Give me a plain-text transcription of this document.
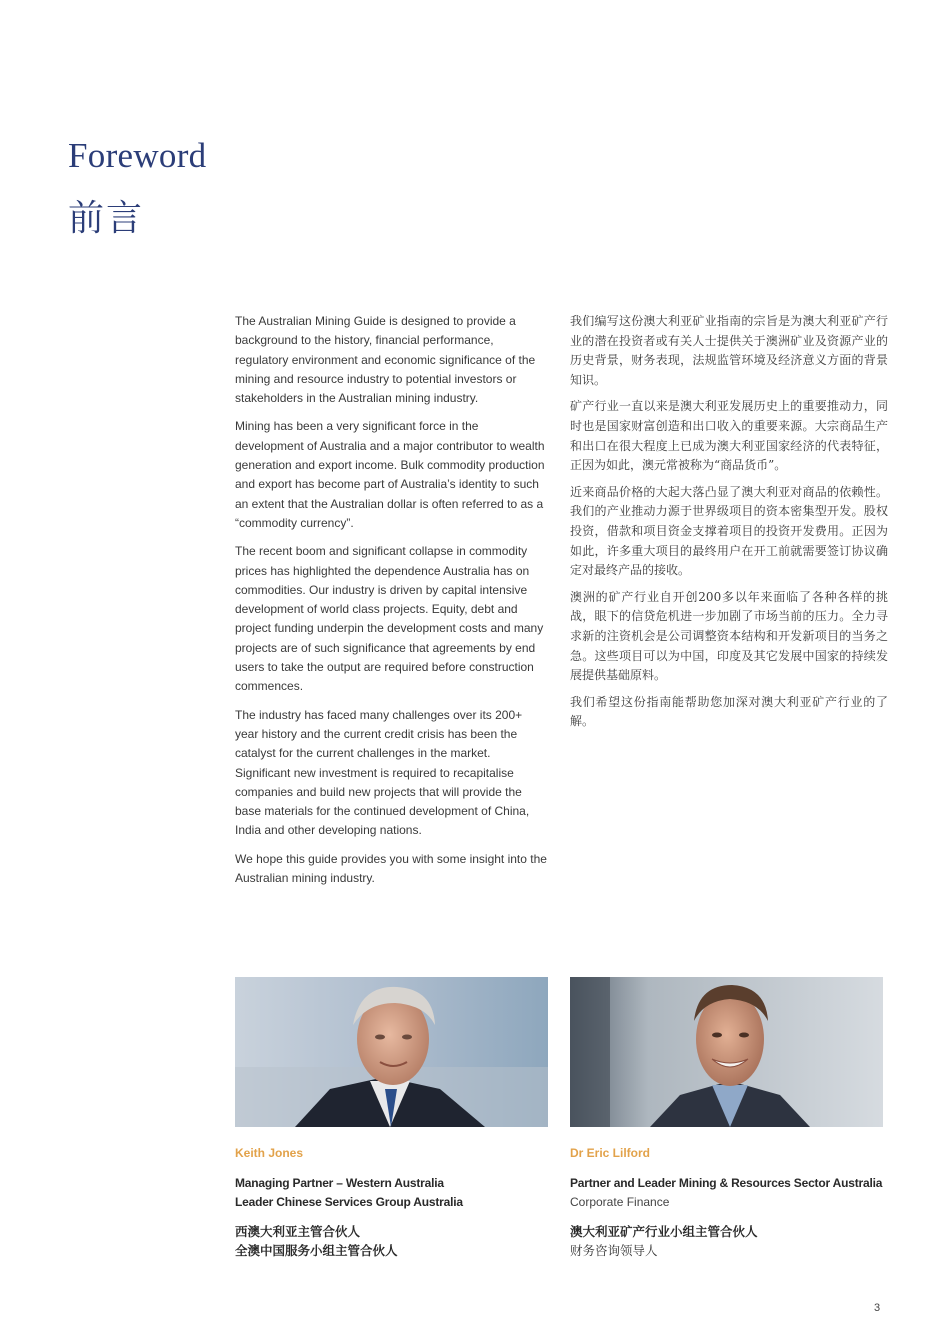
Foreword
前言

The Australian Mining Guide is designed to provide a background to the history, financial performance, regulatory environment and economic significance of the mining and resource industry to potential investors or stakeholders in the Australian mining industry.

Mining has been a very significant force in the development of Australia and a major contributor to wealth generation and export income. Bulk commodity production and export has become part of Australia’s identity to such an extent that the Australian dollar is often referred to as a “commodity currency”.

The recent boom and significant collapse in commodity prices has highlighted the dependence Australia has on commodities. Our industry is driven by capital intensive development of world class projects. Equity, debt and project funding underpin the development costs and many projects are of such significance that agreements by end users to take the output are required before construction commences.

The industry has faced many challenges over its 200+ year history and the current credit crisis has been the catalyst for the current challenges in the market. Significant new investment is required to recapitalise companies and build new projects that will provide the base materials for the continued development of China, India and other developing nations.

We hope this guide provides you with some insight into the Australian mining industry.

我们编写这份澳大利亚矿业指南的宗旨是为澳大利亚矿产行业的潜在投资者或有关人士提供关于澳洲矿业及资源产业的历史背景，财务表现，法规监管环境及经济意义方面的背景知识。

矿产行业一直以来是澳大利亚发展历史上的重要推动力，同时也是国家财富创造和出口收入的重要来源。大宗商品生产和出口在很大程度上已成为澳大利亚国家经济的代表特征，正因为如此，澳元常被称为“商品货币”。

近来商品价格的大起大落凸显了澳大利亚对商品的依赖性。我们的产业推动力源于世界级项目的资本密集型开发。股权投资，借款和项目资金支撑着项目的投资开发费用。正因为如此，许多重大项目的最终用户在开工前就需要签订协议确定对最终产品的接收。

澳洲的矿产行业自开创200多以年来面临了各种各样的挑战，眼下的信贷危机进一步加剧了市场当前的压力。全力寻求新的注资机会是公司调整资本结构和开发新项目的当务之急。这些项目可以为中国，印度及其它发展中国家的持续发展提供基础原料。

我们希望这份指南能帮助您加深对澳大利亚矿产行业的了解。

Keith Jones

Managing Partner – Western Australia

Leader Chinese Services Group Australia

西澳大利亚主管合伙人

全澳中国服务小组主管合伙人

Dr Eric Lilford

Partner and Leader Mining & Resources Sector Australia

Corporate Finance

澳大利亚矿产行业小组主管合伙人

财务咨询领导人

3
